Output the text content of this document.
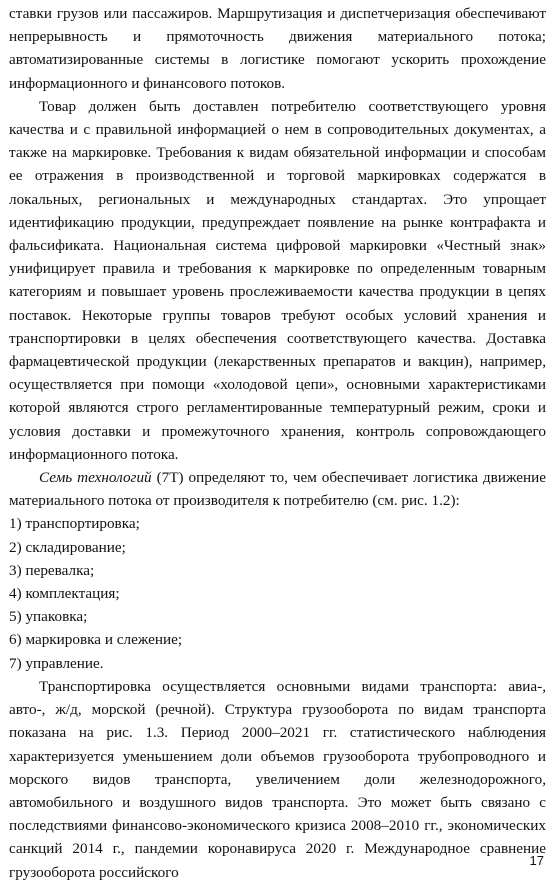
ставки грузов или пассажиров. Маршрутизация и диспетчеризация обеспечивают непрерывность и прямоточность движения материального потока; автоматизированные системы в логистике помогают ускорить прохождение информационного и финансового потоков.

Товар должен быть доставлен потребителю соответствующего уровня качества и с правильной информацией о нем в сопроводительных документах, а также на маркировке. Требования к видам обязательной информации и способам ее отражения в производственной и торговой маркировках содержатся в локальных, региональных и международных стандартах. Это упрощает идентификацию продукции, предупреждает появление на рынке контрафакта и фальсификата. Национальная система цифровой маркировки «Честный знак» унифицирует правила и требования к маркировке по определенным товарным категориям и повышает уровень прослеживаемости качества продукции в цепях поставок. Некоторые группы товаров требуют особых условий хранения и транспортировки в целях обеспечения соответствующего качества. Доставка фармацевтической продукции (лекарственных препаратов и вакцин), например, осуществляется при помощи «холодовой цепи», основными характеристиками которой являются строго регламентированные температурный режим, сроки и условия доставки и промежуточного хранения, контроль сопровождающего информационного потока.

Семь технологий (7T) определяют то, чем обеспечивает логистика движение материального потока от производителя к потребителю (см. рис. 1.2):

1) транспортировка;
2) складирование;
3) перевалка;
4) комплектация;
5) упаковка;
6) маркировка и слежение;
7) управление.

Транспортировка осуществляется основными видами транспорта: авиа-, авто-, ж/д, морской (речной). Структура грузооборота по видам транспорта показана на рис. 1.3. Период 2000–2021 гг. статистического наблюдения характеризуется уменьшением доли объемов грузооборота трубопроводного и морского видов транспорта, увеличением доли железнодорожного, автомобильного и воздушного видов транспорта. Это может быть связано с последствиями финансово-экономического кризиса 2008–2010 гг., экономических санкций 2014 г., пандемии коронавируса 2020 г. Международное сравнение грузооборота российского

17
